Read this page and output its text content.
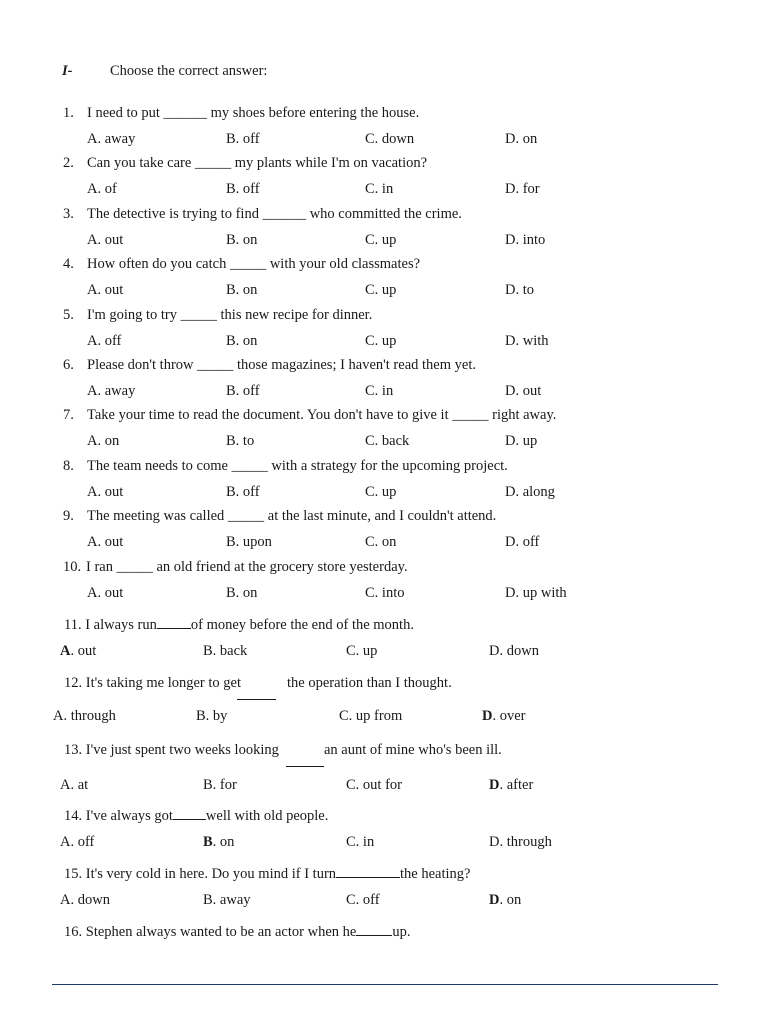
I-	Choose the correct answer:
1. I need to put ______ my shoes before entering the house.
A. away	B. off	C. down	D. on
2. Can you take care _____ my plants while I'm on vacation?
A. of	B. off	C. in	D. for
3. The detective is trying to find ______ who committed the crime.
A. out	B. on	C. up	D. into
4. How often do you catch _____ with your old classmates?
A. out	B. on	C. up	D. to
5. I'm going to try _____ this new recipe for dinner.
A. off	B. on	C. up	D. with
6. Please don't throw _____ those magazines; I haven't read them yet.
A. away	B. off	C. in	D. out
7. Take your time to read the document. You don't have to give it _____ right away.
A. on	B. to	C. back	D. up
8. The team needs to come _____ with a strategy for the upcoming project.
A. out	B. off	C. up	D. along
9. The meeting was called _____ at the last minute, and I couldn't attend.
A. out	B. upon	C. on	D. off
10. I ran _____ an old friend at the grocery store yesterday.
A. out	B. on	C. into	D. up with
11. I always run of money before the end of the month.
A. out	B. back	C. up	D. down
12. It's taking me longer to get	the operation than I thought.
A. through	B. by	C. up from	D. over
13. I've just spent two weeks looking	an aunt of mine who's been ill.
A. at	B. for	C. out for	D. after
14. I've always got well with old people.
A. off	B. on	C. in	D. through
15. It's very cold in here. Do you mind if I turn	the heating?
A. down	B. away	C. off	D. on
16. Stephen always wanted to be an actor when he up.
